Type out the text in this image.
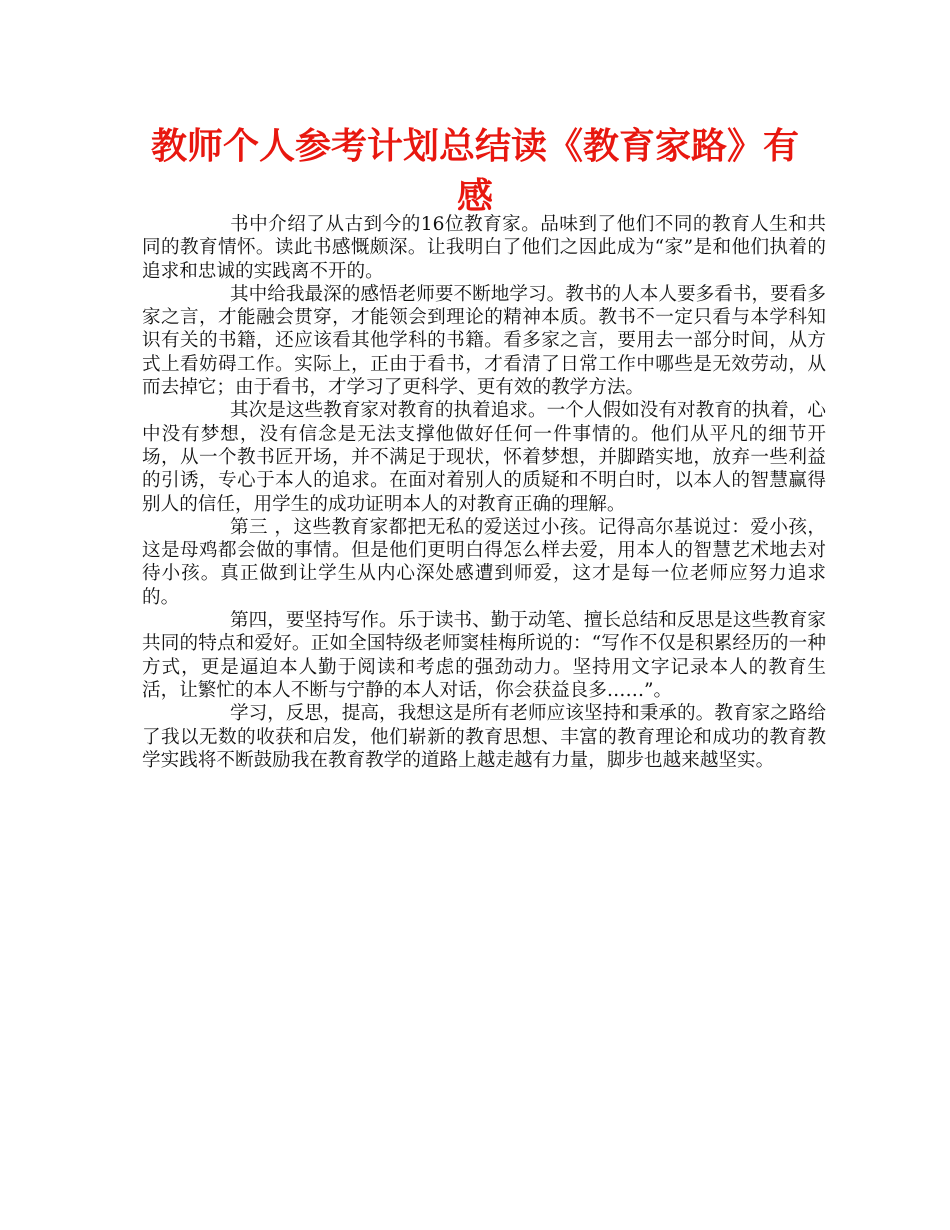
教师个人参考计划总结读《教育家路》有感

书中介绍了从古到今的16位教育家。品味到了他们不同的教育人生和共同的教育情怀。读此书感慨颇深。让我明白了他们之因此成为“家”是和他们执着的追求和忠诚的实践离不开的。

其中给我最深的感悟老师要不断地学习。教书的人本人要多看书，要看多家之言，才能融会贯穿，才能领会到理论的精神本质。教书不一定只看与本学科知识有关的书籍，还应该看其他学科的书籍。看多家之言，要用去一部分时间，从方式上看妨碍工作。实际上，正由于看书，才看清了日常工作中哪些是无效劳动，从而去掉它；由于看书，才学习了更科学、更有效的教学方法。

其次是这些教育家对教育的执着追求。一个人假如没有对教育的执着，心中没有梦想，没有信念是无法支撑他做好任何一件事情的。他们从平凡的细节开场，从一个教书匠开场，并不满足于现状，怀着梦想，并脚踏实地，放弃一些利益的引诱，专心于本人的追求。在面对着别人的质疑和不明白时，以本人的智慧赢得别人的信任，用学生的成功证明本人的对教育正确的理解。

第三 ，这些教育家都把无私的爱送过小孩。记得高尔基说过：爱小孩，这是母鸡都会做的事情。但是他们更明白得怎么样去爱，用本人的智慧艺术地去对待小孩。真正做到让学生从内心深处感遭到师爱，这才是每一位老师应努力追求的。

第四，要坚持写作。乐于读书、勤于动笔、擅长总结和反思是这些教育家共同的特点和爱好。正如全国特级老师窦桂梅所说的：“写作不仅是积累经历的一种方式，更是逼迫本人勤于阅读和考虑的强劲动力。坚持用文字记录本人的教育生活，让繁忙的本人不断与宁静的本人对话，你会获益良多……”。

学习，反思，提高，我想这是所有老师应该坚持和秉承的。教育家之路给了我以无数的收获和启发，他们崭新的教育思想、丰富的教育理论和成功的教育教学实践将不断鼓励我在教育教学的道路上越走越有力量，脚步也越来越坚实。
